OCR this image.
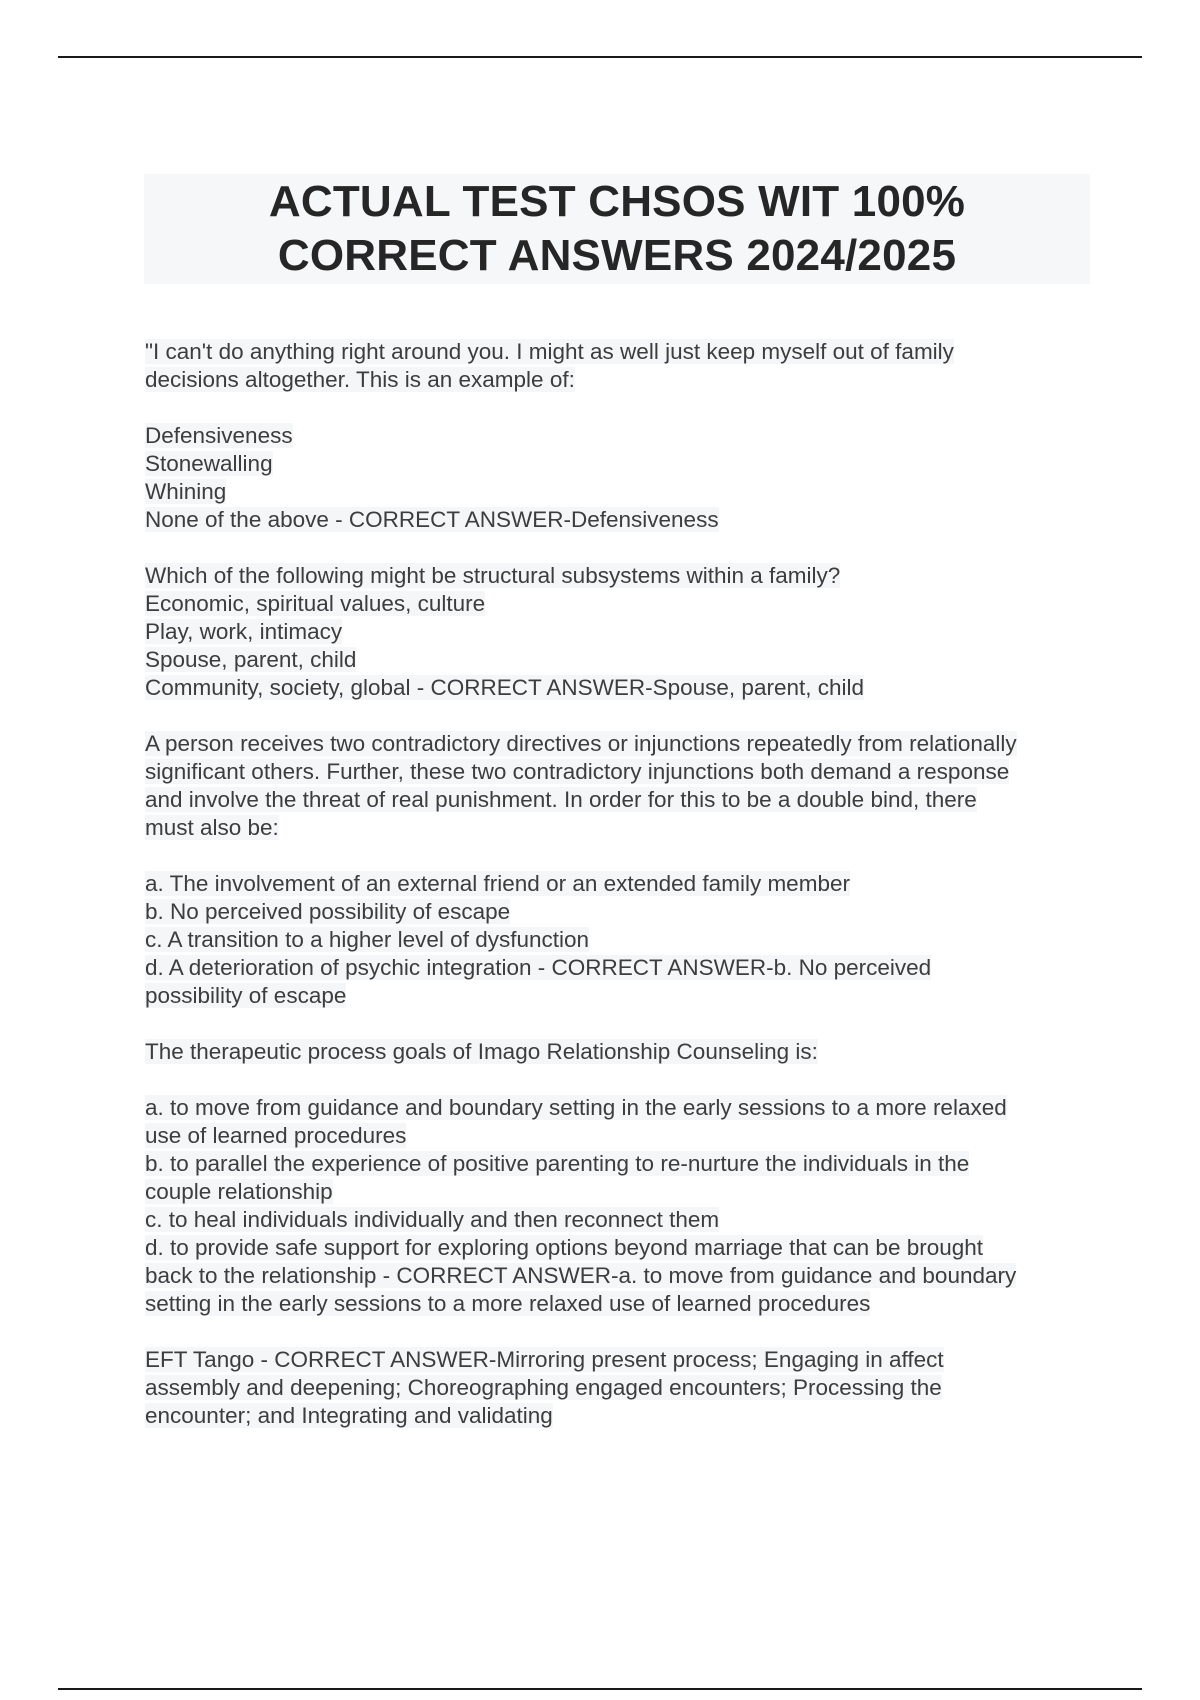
ACTUAL TEST CHSOS WIT 100%
CORRECT ANSWERS 2024/2025
"I can't do anything right around you. I might as well just keep myself out of family
decisions altogether. This is an example of:
Defensiveness
Stonewalling
Whining
None of the above - CORRECT ANSWER-Defensiveness
Which of the following might be structural subsystems within a family?
Economic, spiritual values, culture
Play, work, intimacy
Spouse, parent, child
Community, society, global - CORRECT ANSWER-Spouse, parent, child
A person receives two contradictory directives or injunctions repeatedly from relationally
significant others. Further, these two contradictory injunctions both demand a response
and involve the threat of real punishment. In order for this to be a double bind, there
must also be:
a. The involvement of an external friend or an extended family member
b. No perceived possibility of escape
c. A transition to a higher level of dysfunction
d. A deterioration of psychic integration - CORRECT ANSWER-b. No perceived
possibility of escape
The therapeutic process goals of Imago Relationship Counseling is:
a. to move from guidance and boundary setting in the early sessions to a more relaxed
use of learned procedures
b. to parallel the experience of positive parenting to re-nurture the individuals in the
couple relationship
c. to heal individuals individually and then reconnect them
d. to provide safe support for exploring options beyond marriage that can be brought
back to the relationship - CORRECT ANSWER-a. to move from guidance and boundary
setting in the early sessions to a more relaxed use of learned procedures
EFT Tango - CORRECT ANSWER-Mirroring present process; Engaging in affect
assembly and deepening; Choreographing engaged encounters; Processing the
encounter; and Integrating and validating
